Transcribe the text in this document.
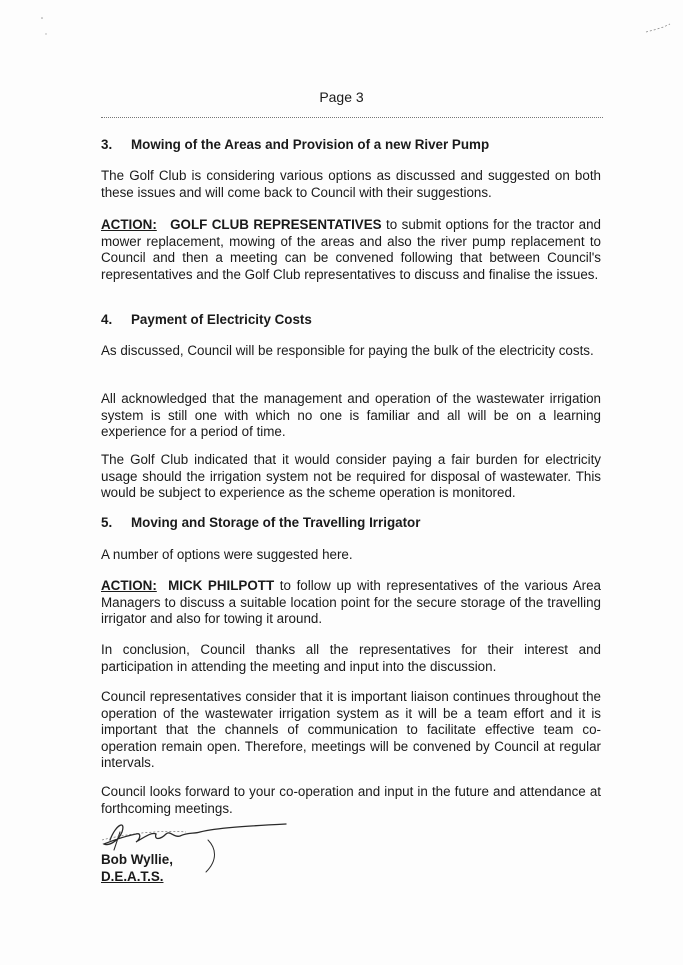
Page 3
3. Mowing of the Areas and Provision of a new River Pump
The Golf Club is considering various options as discussed and suggested on both these issues and will come back to Council with their suggestions.
ACTION: GOLF CLUB REPRESENTATIVES to submit options for the tractor and mower replacement, mowing of the areas and also the river pump replacement to Council and then a meeting can be convened following that between Council's representatives and the Golf Club representatives to discuss and finalise the issues.
4. Payment of Electricity Costs
As discussed, Council will be responsible for paying the bulk of the electricity costs.
All acknowledged that the management and operation of the wastewater irrigation system is still one with which no one is familiar and all will be on a learning experience for a period of time.
The Golf Club indicated that it would consider paying a fair burden for electricity usage should the irrigation system not be required for disposal of wastewater. This would be subject to experience as the scheme operation is monitored.
5. Moving and Storage of the Travelling Irrigator
A number of options were suggested here.
ACTION: MICK PHILPOTT to follow up with representatives of the various Area Managers to discuss a suitable location point for the secure storage of the travelling irrigator and also for towing it around.
In conclusion, Council thanks all the representatives for their interest and participation in attending the meeting and input into the discussion.
Council representatives consider that it is important liaison continues throughout the operation of the wastewater irrigation system as it will be a team effort and it is important that the channels of communication to facilitate effective team co-operation remain open. Therefore, meetings will be convened by Council at regular intervals.
Council looks forward to your co-operation and input in the future and attendance at forthcoming meetings.
Bob Wyllie,
D.E.A.T.S.
